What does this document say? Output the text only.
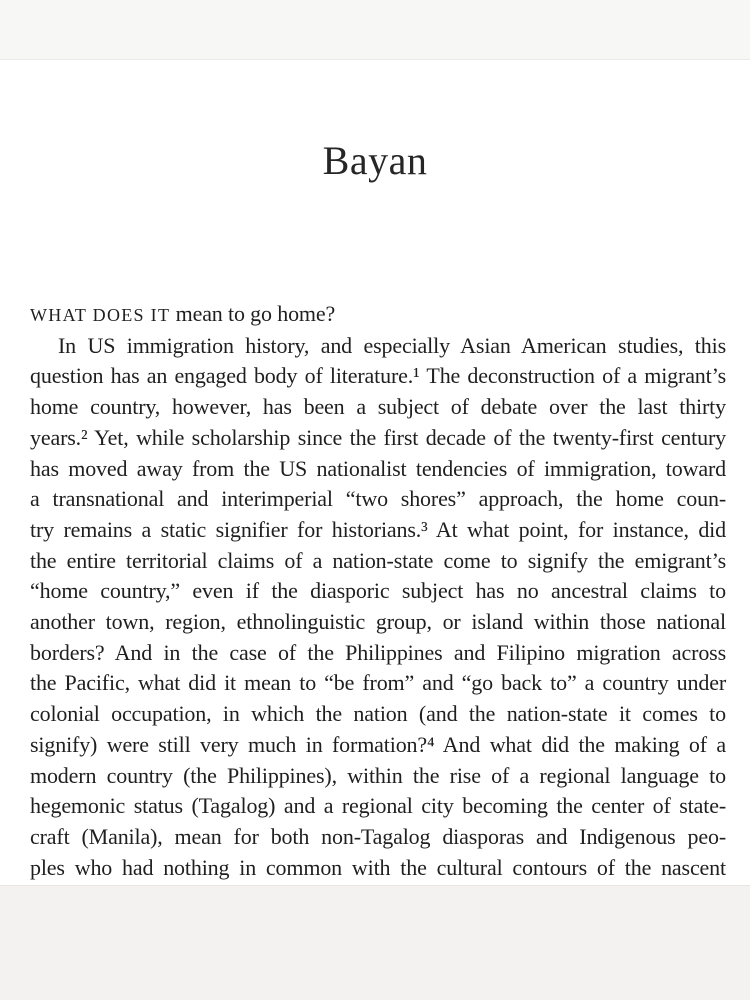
Bayan
WHAT DOES IT mean to go home?
In US immigration history, and especially Asian American studies, this
question has an engaged body of literature.¹ The deconstruction of a migrant’s
home country, however, has been a subject of debate over the last thirty
years.² Yet, while scholarship since the first decade of the twenty-first century
has moved away from the US nationalist tendencies of immigration, toward
a transnational and interimperial “two shores” approach, the home coun-
try remains a static signifier for historians.³ At what point, for instance, did
the entire territorial claims of a nation-state come to signify the emigrant’s
“home country,” even if the diasporic subject has no ancestral claims to
another town, region, ethnolinguistic group, or island within those national
borders? And in the case of the Philippines and Filipino migration across
the Pacific, what did it mean to “be from” and “go back to” a country under
colonial occupation, in which the nation (and the nation-state it comes to
signify) were still very much in formation?⁴ And what did the making of a
modern country (the Philippines), within the rise of a regional language to
hegemonic status (Tagalog) and a regional city becoming the center of state-
craft (Manila), mean for both non-Tagalog diasporas and Indigenous peo-
ples who had nothing in common with the cultural contours of the nascent
